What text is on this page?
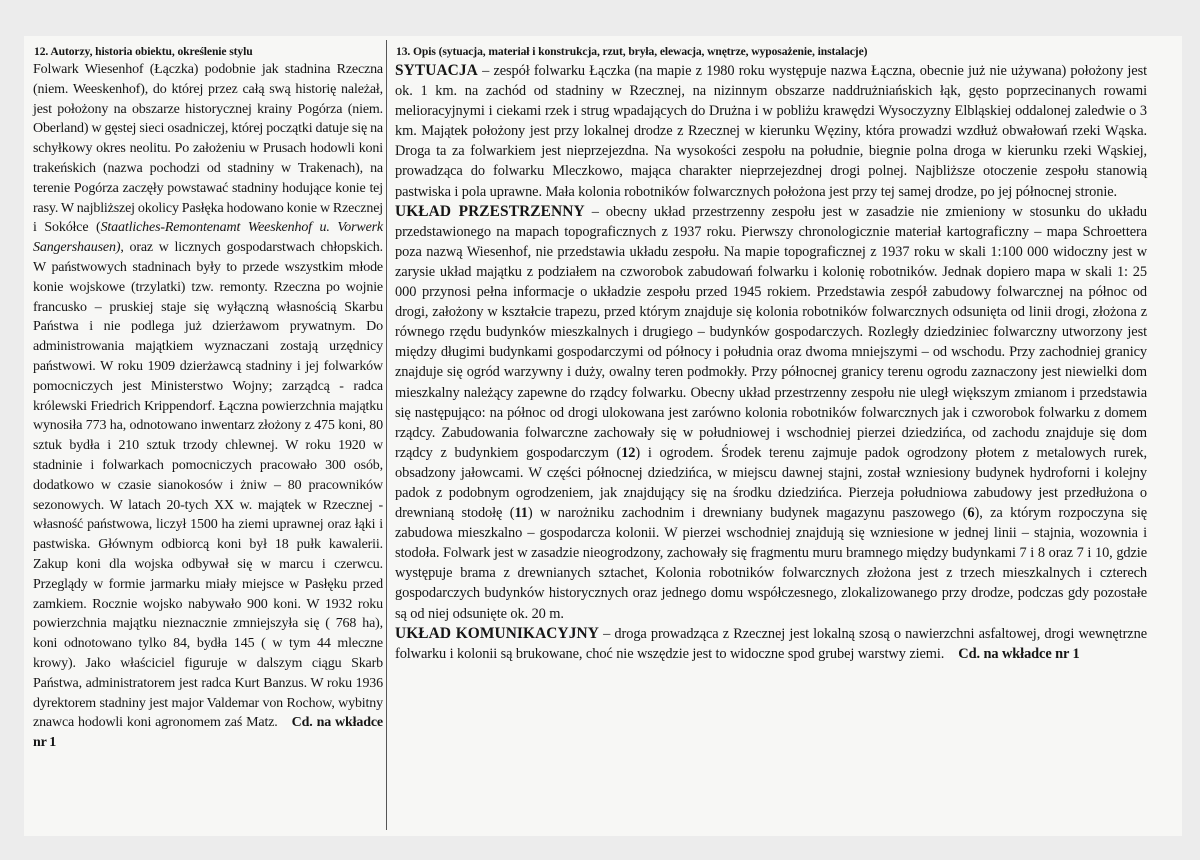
12. Autorzy, historia obiektu, określenie stylu	13. Opis (sytuacja, materiał i konstrukcja, rzut, bryła, elewacja, wnętrze, wyposażenie, instalacje)
Folwark Wiesenhof (Łączka) podobnie jak stadnina Rzeczna (niem. Weeskenhof), do której przez całą swą historię należał, jest położony na obszarze historycznej krainy Pogórza (niem. Oberland) w gęstej sieci osadniczej, której początki datuje się na schyłkowy okres neolitu. Po założeniu w Prusach hodowli koni trakeńskich (nazwa pochodzi od stadniny w Trakenach), na terenie Pogórza zaczęły powstawać stadniny hodujące konie tej rasy. W najbliższej okolicy Pasłęka hodowano konie w Rzecznej i Sokółce (Staatliches-Remontenamt Weeskenhof u. Vorwerk Sangershausen), oraz w licznych gospodarstwach chłopskich. W państwowych stadninach były to przede wszystkim młode konie wojskowe (trzylatki) tzw. remonty. Rzeczna po wojnie francusko – pruskiej staje się wyłączną własnością Skarbu Państwa i nie podlega już dzierżawom prywatnym. Do administrowania majątkiem wyznaczani zostają urzędnicy państwowi. W roku 1909 dzierżawcą stadniny i jej folwarków pomocniczych jest Ministerstwo Wojny; zarządcą - radca królewski Friedrich Krippendorf. Łączna powierzchnia majątku wynosiła 773 ha, odnotowano inwentarz złożony z 475 koni, 80 sztuk bydła i 210 sztuk trzody chlewnej. W roku 1920 w stadninie i folwarkach pomocniczych pracowało 300 osób, dodatkowo w czasie sianokosów i żniw – 80 pracowników sezonowych. W latach 20-tych XX w. majątek w Rzecznej - własność państwowa, liczył 1500 ha ziemi uprawnej oraz łąki i pastwiska. Głównym odbiorcą koni był 18 pułk kawalerii. Zakup koni dla wojska odbywał się w marcu i czerwcu. Przeglądy w formie jarmarku miały miejsce w Pasłęku przed zamkiem. Rocznie wojsko nabywało 900 koni. W 1932 roku powierzchnia majątku nieznacznie zmniejszyła się ( 768 ha), koni odnotowano tylko 84, bydła 145 ( w tym 44 mleczne krowy). Jako właściciel figuruje w dalszym ciągu Skarb Państwa, administratorem jest radca Kurt Banzus. W roku 1936 dyrektorem stadniny jest major Valdemar von Rochow, wybitny znawca hodowli koni agronomem zaś Matz. Cd. na wkładce nr 1

SYTUACJA – zespół folwarku Łączka (na mapie z 1980 roku występuje nazwa Łączna, obecnie już nie używana) położony jest ok. 1 km. na zachód od stadniny w Rzecznej, na nizinnym obszarze naddrużniańskich łąk, gęsto poprzecinanych rowami melioracyjnymi i ciekami rzek i strug wpadających do Drużna i w pobliżu krawędzi Wysoczyzny Elbląskiej oddalonej zaledwie o 3 km. Majątek położony jest przy lokalnej drodze z Rzecznej w kierunku Węziny, która prowadzi wzdłuż obwałowań rzeki Wąska. Droga ta za folwarkiem jest nieprzejezdna. Na wysokości zespołu na południe, biegnie polna droga w kierunku rzeki Wąskiej, prowadząca do folwarku Mleczkowo, mająca charakter nieprzejezdnej drogi polnej. Najbliższe otoczenie zespołu stanowią pastwiska i pola uprawne. Mała kolonia robotników folwarcznych położona jest przy tej samej drodze, po jej północnej stronie.

UKŁAD PRZESTRZENNY – obecny układ przestrzenny zespołu jest w zasadzie nie zmieniony w stosunku do układu przedstawionego na mapach topograficznych z 1937 roku. Pierwszy chronologicznie materiał kartograficzny – mapa Schroettera poza nazwą Wiesenhof, nie przedstawia układu zespołu. Na mapie topograficznej z 1937 roku w skali 1:100 000 widoczny jest w zarysie układ majątku z podziałem na czworobok zabudowań folwarku i kolonię robotników. Jednak dopiero mapa w skali 1: 25 000 przynosi pełna informacje o układzie zespołu przed 1945 rokiem. Przedstawia zespół zabudowy folwarcznej na północ od drogi, założony w kształcie trapezu, przed którym znajduje się kolonia robotników folwarcznych odsunięta od linii drogi, złożona z równego rzędu budynków mieszkalnych i drugiego – budynków gospodarczych. Rozległy dziedziniec folwarczny utworzony jest między długimi budynkami gospodarczymi od północy i południa oraz dwoma mniejszymi – od wschodu. Przy zachodniej granicy znajduje się ogród warzywny i duży, owalny teren podmokły. Przy północnej granicy terenu ogrodu zaznaczony jest niewielki dom mieszkalny należący zapewne do rządcy folwarku. Obecny układ przestrzenny zespołu nie uległ większym zmianom i przedstawia się następująco: na północ od drogi ulokowana jest zarówno kolonia robotników folwarcznych jak i czworobok folwarku z domem rządcy. Zabudowania folwarczne zachowały się w południowej i wschodniej pierzei dziedzińca, od zachodu znajduje się dom rządcy z budynkiem gospodarczym (12) i ogrodem. Środek terenu zajmuje padok ogrodzony płotem z metalowych rurek, obsadzony jałowcami. W części północnej dziedzińca, w miejscu dawnej stajni, został wzniesiony budynek hydroforni i kolejny padok z podobnym ogrodzeniem, jak znajdujący się na środku dziedzińca. Pierzeja południowa zabudowy jest przedłużona o drewnianą stodołę (11) w narożniku zachodnim i drewniany budynek magazynu paszowego (6), za którym rozpoczyna się zabudowa mieszkalno – gospodarcza kolonii. W pierzei wschodniej znajdują się wzniesione w jednej linii – stajnia, wozownia i stodoła. Folwark jest w zasadzie nieogrodzony, zachowały się fragmentu muru bramnego między budynkami 7 i 8 oraz 7 i 10, gdzie występuje brama z drewnianych sztachet, Kolonia robotników folwarcznych złożona jest z trzech mieszkalnych i czterech gospodarczych budynków historycznych oraz jednego domu współczesnego, zlokalizowanego przy drodze, podczas gdy pozostałe są od niej odsunięte ok. 20 m.

UKŁAD KOMUNIKACYJNY – droga prowadząca z Rzecznej jest lokalną szosą o nawierzchni asfaltowej, drogi wewnętrzne folwarku i kolonii są brukowane, choć nie wszędzie jest to widoczne spod grubej warstwy ziemi. Cd. na wkładce nr 1
